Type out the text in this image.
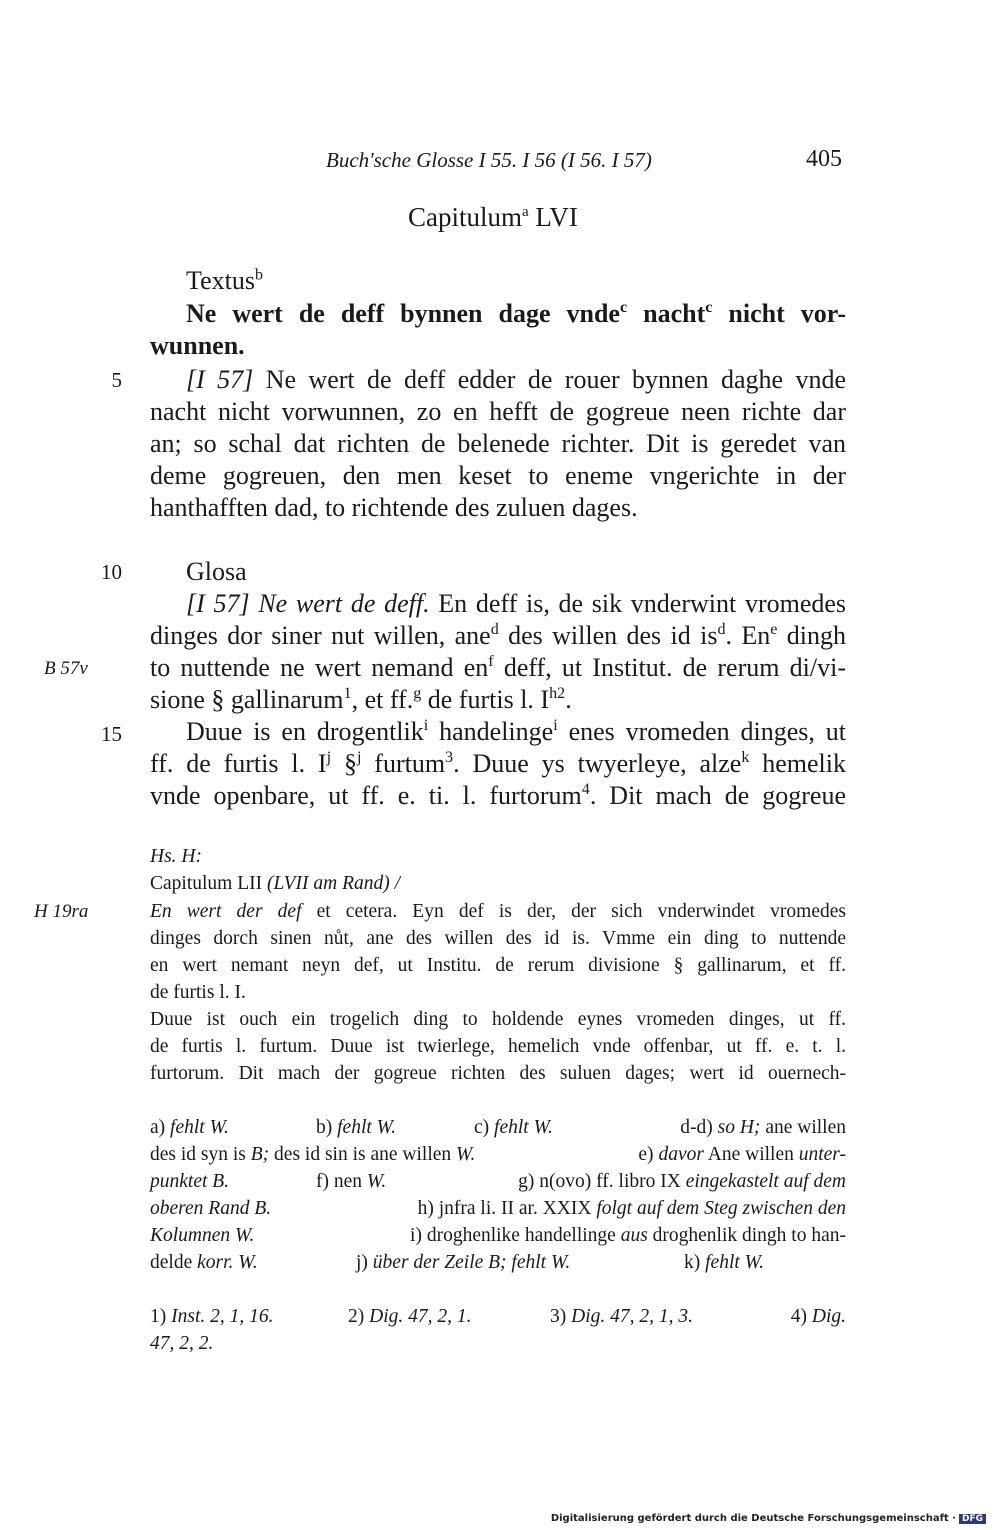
Buch'sche Glosse I 55. I 56 (I 56. I 57)	405
Capitulum$^a$ LVI
Textus$^b$
Ne wert de deff bynnen dage vnde$^c$ nacht$^c$ nicht vor-
wunnen.
5 [I 57] Ne wert de deff edder de rouer bynnen daghe vnde
nacht nicht vorwunnen, zo en hefft de gogreue neen richte dar
an; so schal dat richten de belenede richter. Dit is geredet van
deme gogreuen, den men keset to eneme vngerichte in der
hanthafften dad, to richtende des zuluen dages.
10 Glosa
[I 57] Ne wert de deff. En deff is, de sik vnderwint vromedes
dinges dor siner nut willen, ane$^d$ des willen des id $is^d$. En$^e$ dingh
B 57v to nuttende ne wert nemand $en^f$ deff, ut Institut. de rerum di/vi-
sione § gallinarum$^1$, et ff.$^g$ de furtis l. $I^{h2}$.
15 Duue is en drogentlik$^i$ handelinge$^i$ enes vromeden dinges, ut
ff. de furtis l. $I^j$ §$^j$ furtum$^3$. Duue ys twyerleye, alze$^k$ hemelik
vnde openbare, ut ff. e. ti. l. furtorum$^4$. Dit mach de gogreue
Hs. H:
Capitulum LII (LVII am Rand) /
H 19ra	En wert der def et cetera. Eyn def is der, der sich vnderwindet vromedes
dinges dorch sinen nůt, ane des willen des id is. Vmme ein ding to nuttende
en wert nemant neyn def, ut Institu. de rerum divisione § gallinarum, et ff.
de furtis l. I.
Duue ist ouch ein trogelich ding to holdende eynes vromeden dinges, ut ff.
de furtis l. furtum. Duue ist twierlege, hemelich vnde offenbar, ut ff. e. t. l.
furtorum. Dit mach der gogreue richten des suluen dages; wert id ouernech-
a) fehlt W.	b) fehlt W.	c) fehlt W.	d-d) so H; ane willen
des id syn is B; des id sin is ane willen W.	e) davor Ane willen unter-
punktet B.	f) nen W.	g) n(ovo) ff. libro IX eingekastelt auf dem
oberen Rand B.	h) jnfra li. II ar. XXIX folgt auf dem Steg zwischen den
Kolumnen W.	i) droghenlike handellinge aus droghenlik dingh to han-
delde korr. W.	j) über der Zeile B; fehlt W.	k) fehlt W.
1) Inst. 2, 1, 16.	2) Dig. 47, 2, 1.	3) Dig. 47, 2, 1, 3.	4) Dig.
47, 2, 2.
Digitalisierung gefördert durch die Deutsche Forschungsgemeinschaft · DFG
